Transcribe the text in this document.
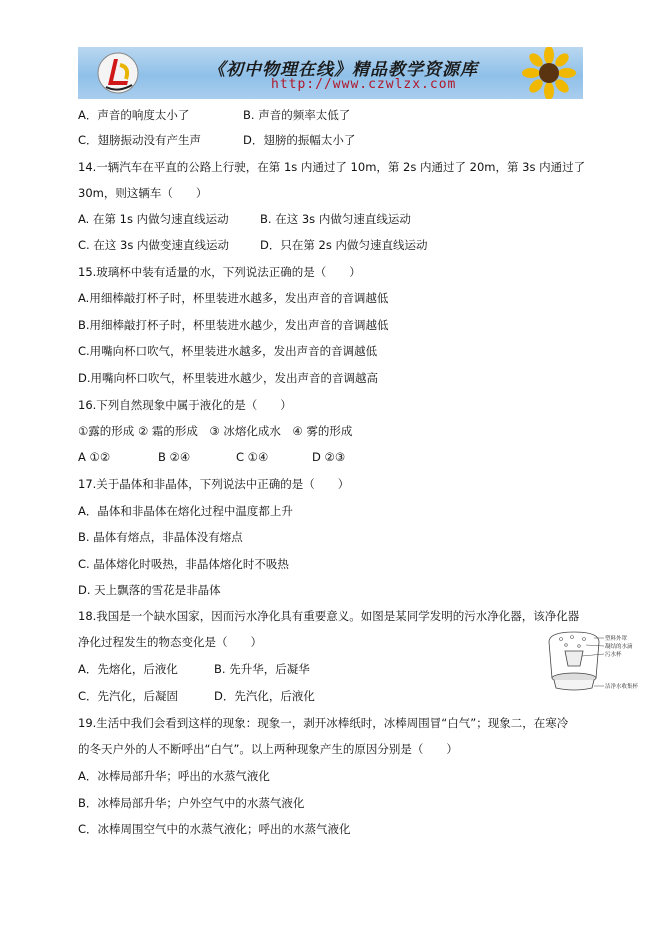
《初中物理在线》精品教学资源库
http://www.czwlzx.com
A．声音的响度太小了	B. 声音的频率太低了
C．翅膀振动没有产生声	D．翅膀的振幅太小了
14.一辆汽车在平直的公路上行驶，在第 1s 内通过了 10m，第 2s 内通过了 20m，第 3s 内通过了
30m，则这辆车（　　）
A. 在第 1s 内做匀速直线运动	B. 在这 3s 内做匀速直线运动
C. 在这 3s 内做变速直线运动	D．只在第 2s 内做匀速直线运动
15.玻璃杯中装有适量的水，下列说法正确的是（　　）
A.用细棒敲打杯子时，杯里装进水越多，发出声音的音调越低
B.用细棒敲打杯子时，杯里装进水越少，发出声音的音调越低
C.用嘴向杯口吹气，杯里装进水越多，发出声音的音调越低
D.用嘴向杯口吹气，杯里装进水越少，发出声音的音调越高
16.下列自然现象中属于液化的是（　　）
①露的形成 ② 霜的形成　③ 冰熔化成水　④ 雾的形成
A ①②	B ②④	C ①④	D ②③
17.关于晶体和非晶体，下列说法中正确的是（　　）
A．晶体和非晶体在熔化过程中温度都上升
B. 晶体有熔点，非晶体没有熔点
C. 晶体熔化时吸热，非晶体熔化时不吸热
D. 天上飘落的雪花是非晶体
18.我国是一个缺水国家，因而污水净化具有重要意义。如图是某同学发明的污水净化器，该净化器
净化过程发生的物态变化是（　　）
A．先熔化，后液化	B. 先升华，后凝华
C．先汽化，后凝固	D．先汽化，后液化
塑料外罩
凝结的水滴
污水杯
洁净水收集杯
19.生活中我们会看到这样的现象：现象一，剥开冰棒纸时，冰棒周围冒“白气”；现象二，在寒冷
的冬天户外的人不断呼出“白气”。以上两种现象产生的原因分别是（　　）
A．冰棒局部升华；呼出的水蒸气液化
B．冰棒局部升华；户外空气中的水蒸气液化
C．冰棒周围空气中的水蒸气液化；呼出的水蒸气液化
